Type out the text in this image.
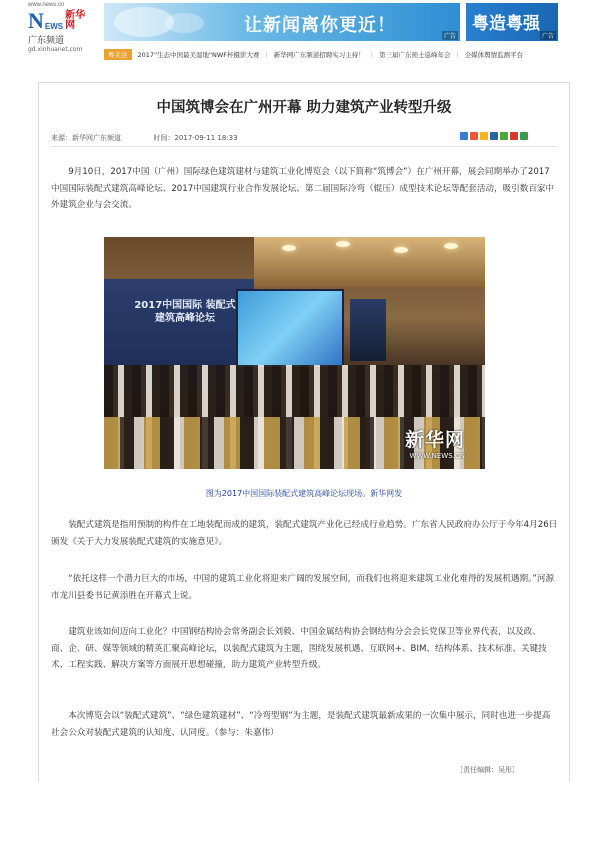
www.news.cn
N EWS
新华网
广东频道
gd.xinhuanet.com
让新闻离你更近！
广告
粤造粤强
广告
粤关注	2017"生态中国最美湿地"NWF杯摄影大赛 | 新华网广东频道招聘实习主持！ | 第三届广东预土巡峰年会 | 全媒体舆情监测平台
中国筑博会在广州开幕 助力建筑产业转型升级
来源：新华网广东频道	时间：2017-09-11 18:33

9月10日，2017中国（广州）国际绿色建筑建材与建筑工业化博览会（以下简称“筑博会”）在广州开幕，展会同期举办了2017中国国际装配式建筑高峰论坛、2017中国建筑行业合作发展论坛、第二届国际冷弯（辊压）成型技术论坛等配套活动，吸引数百家中外建筑企业与会交流。

2017中国国际 装配式建筑高峰论坛
新华网
WWW.NEWS.CN
图为2017中国国际装配式建筑高峰论坛现场。新华网发

装配式建筑是指用预制的构件在工地装配而成的建筑，装配式建筑产业化已经成行业趋势。广东省人民政府办公厅于今年4月26日颁发《关于大力发展装配式建筑的实施意见》。

“依托这样一个潜力巨大的市场，中国的建筑工业化将迎来广阔的发展空间，而我们也将迎来建筑工业化难得的发展机遇期。”河源市龙川县委书记黄添胜在开幕式上说。

建筑业该如何迈向工业化？中国钢结构协会常务副会长刘毅、中国金属结构协会钢结构分会会长党保卫等业界代表，以及政、商、企、研、媒等领域的精英汇聚高峰论坛，以装配式建筑为主题，围绕发展机遇、互联网+、BIM、结构体系、技术标准、关键技术、工程实践、解决方案等方面展开思想碰撞，助力建筑产业转型升级。

本次博览会以“装配式建筑”、“绿色建筑建材”、“冷弯型钢”为主题，是装配式建筑最新成果的一次集中展示，同时也进一步提高社会公众对装配式建筑的认知度、认同度。（参与：朱嘉伟）

［责任编辑：吴彤］
